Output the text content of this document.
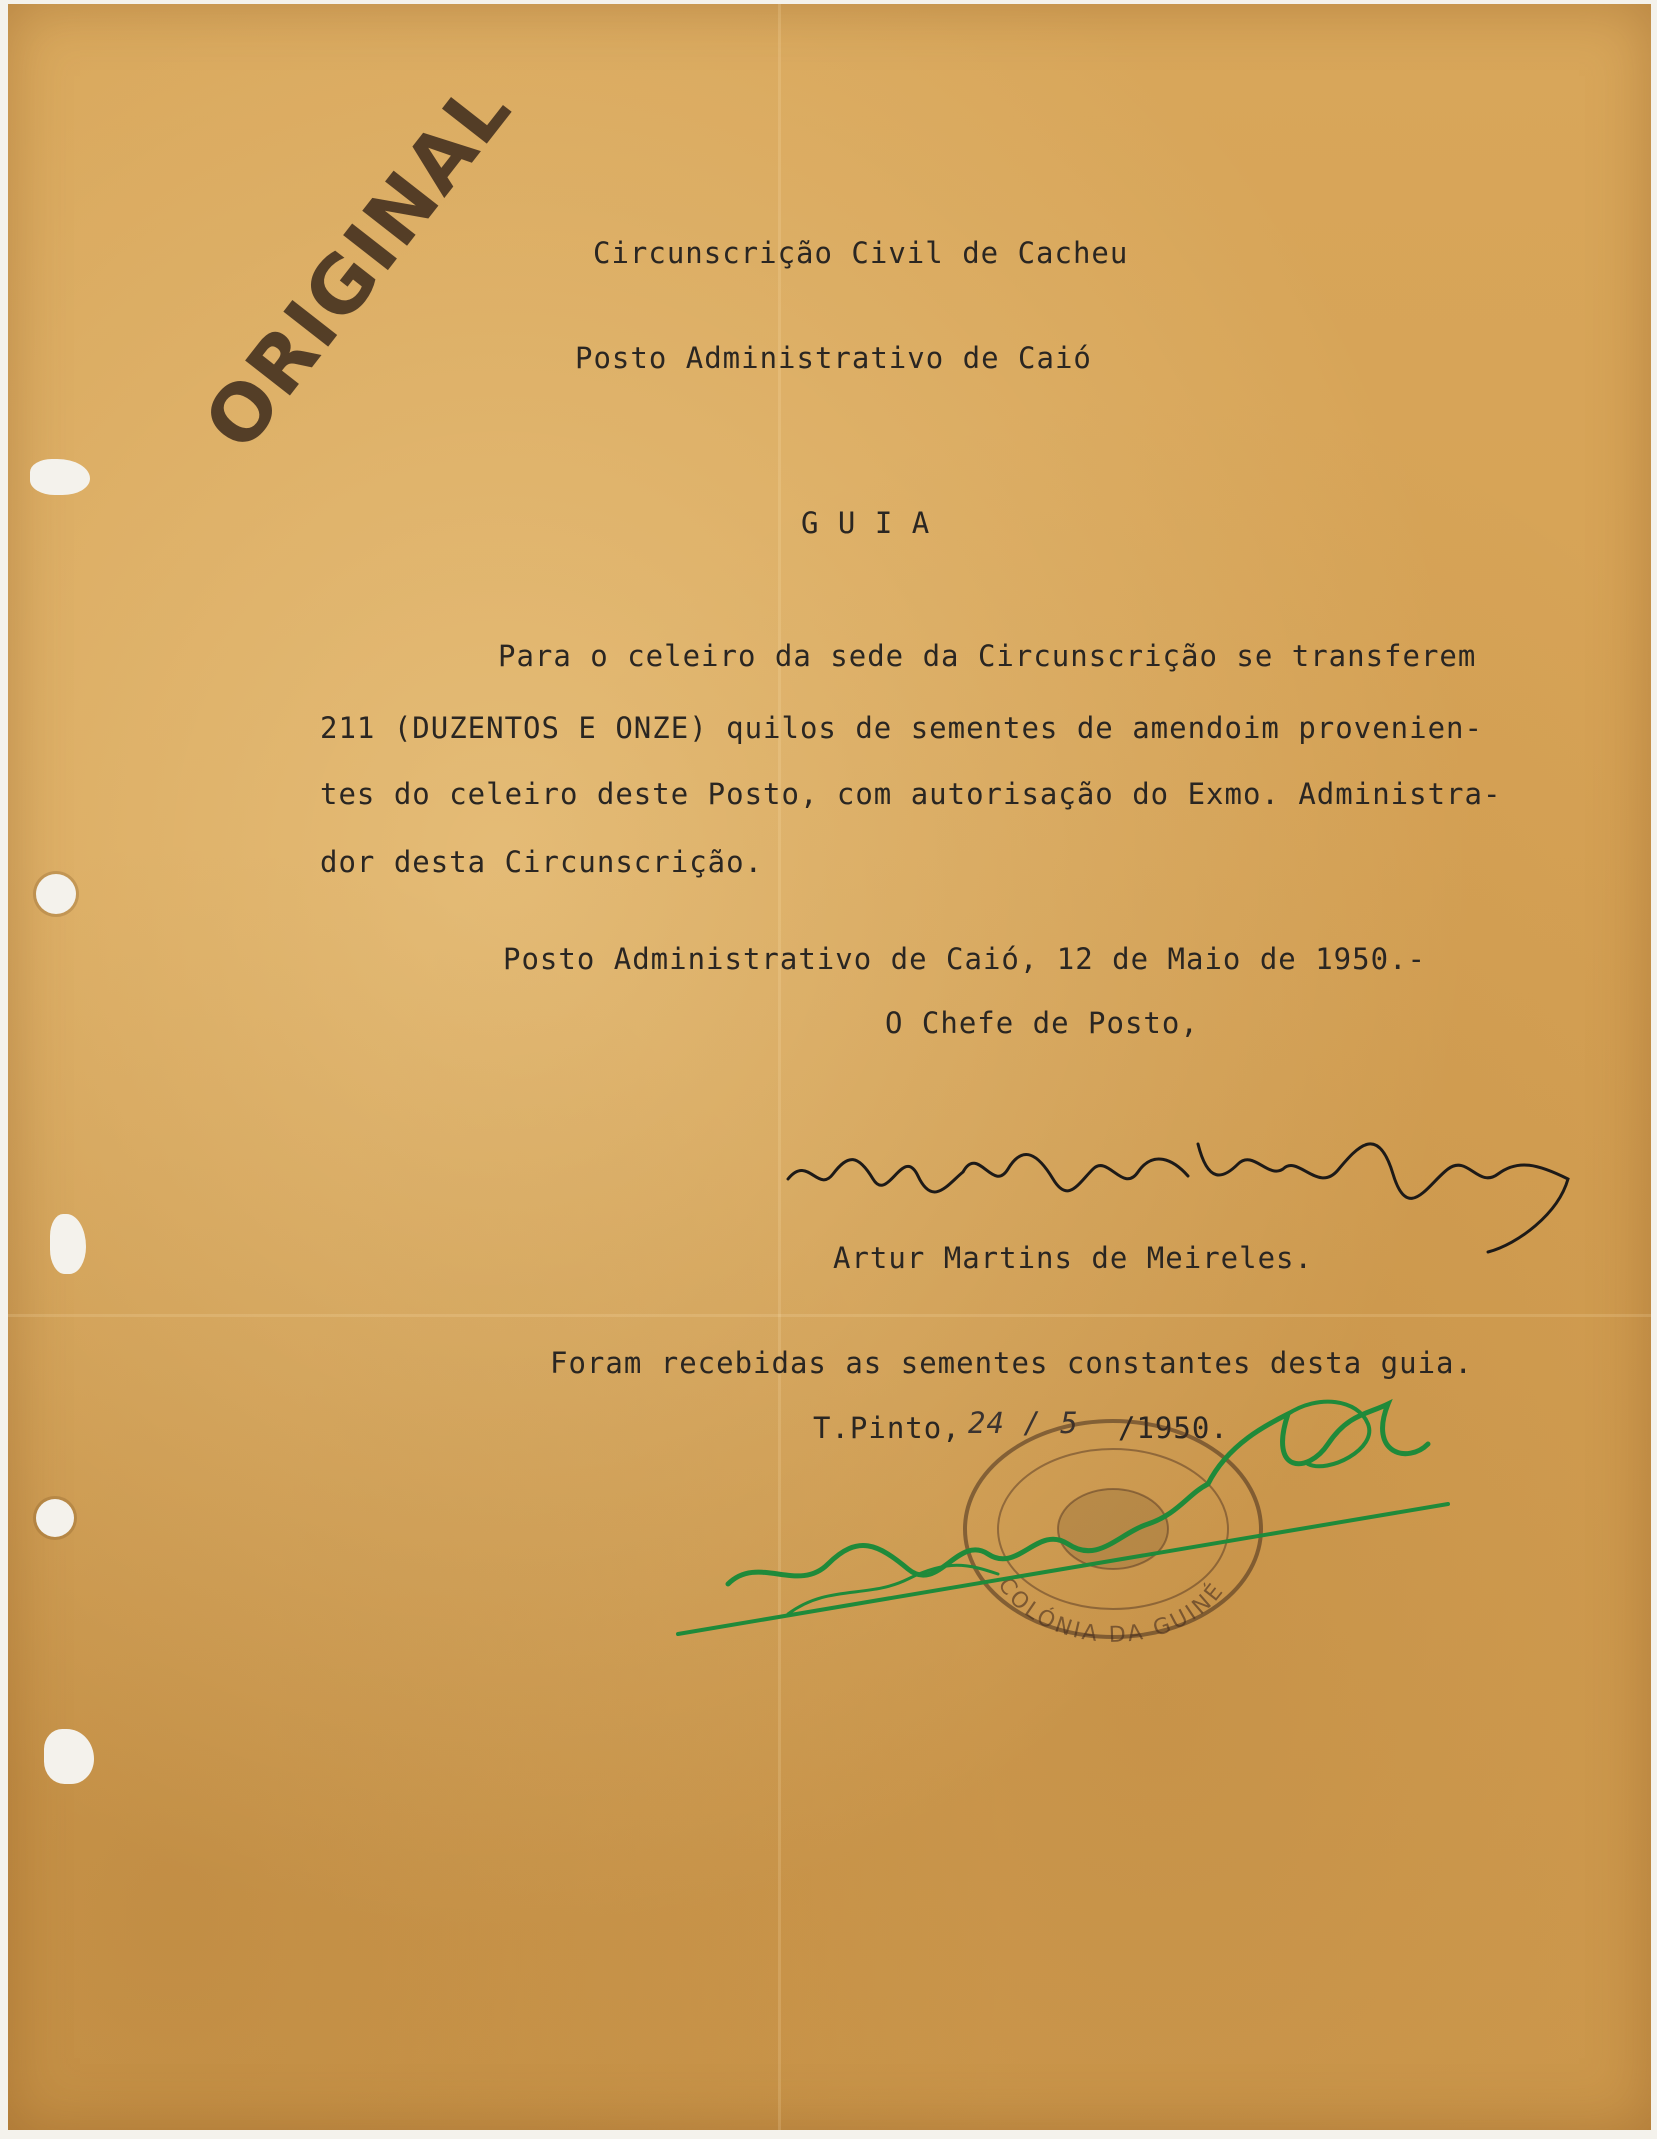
ORIGINAL Circunscrição Civil de Cacheu
Posto Administrativo de Caió
G U I A
Para o celeiro da sede da Circunscrição se transferem
211 (DUZENTOS E ONZE) quilos de sementes de amendoim provenien-
tes do celeiro deste Posto, com autorisação do Exmo. Administra-
dor desta Circunscrição.
Posto Administrativo de Caió, 12 de Maio de 1950.-
O Chefe de Posto,
Artur Martins de Meireles.
Foram recebidas as sementes constantes desta guia.
T.Pinto, 24 / 5 /1950.
COLÓNIA DA GUINÉ
